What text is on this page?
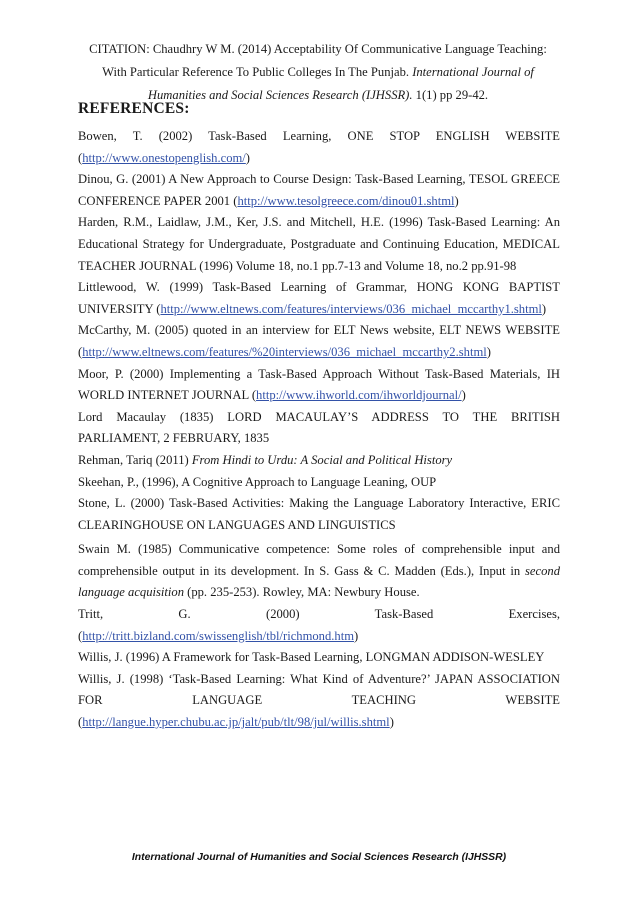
CITATION: Chaudhry W M. (2014) Acceptability Of Communicative Language Teaching:
With Particular Reference To Public Colleges In The Punjab. International Journal of
Humanities and Social Sciences Research (IJHSSR). 1(1) pp 29-42.
REFERENCES:

Bowen, T. (2002) Task-Based Learning, ONE STOP ENGLISH WEBSITE

(http://www.onestopenglish.com/)

Dinou, G. (2001) A New Approach to Course Design: Task-Based Learning, TESOL GREECE CONFERENCE PAPER 2001 (http://www.tesolgreece.com/dinou01.shtml)

Harden, R.M., Laidlaw, J.M., Ker, J.S. and Mitchell, H.E. (1996) Task-Based Learning: An Educational Strategy for Undergraduate, Postgraduate and Continuing Education, MEDICAL TEACHER JOURNAL (1996) Volume 18, no.1 pp.7-13 and Volume 18, no.2 pp.91-98

Littlewood, W. (1999) Task-Based Learning of Grammar, HONG KONG BAPTIST UNIVERSITY (http://www.eltnews.com/features/interviews/036_michael_mccarthy1.shtml)

McCarthy, M. (2005) quoted in an interview for ELT News website, ELT NEWS WEBSITE (http://www.eltnews.com/features/%20interviews/036_michael_mccarthy2.shtml)

Moor, P. (2000) Implementing a Task-Based Approach Without Task-Based Materials, IH WORLD INTERNET JOURNAL (http://www.ihworld.com/ihworldjournal/)

Lord Macaulay (1835) LORD MACAULAY’S ADDRESS TO THE BRITISH

PARLIAMENT, 2 FEBRUARY, 1835

Rehman, Tariq (2011) From Hindi to Urdu: A Social and Political History

Skeehan, P., (1996), A Cognitive Approach to Language Leaning, OUP

Stone, L. (2000) Task-Based Activities: Making the Language Laboratory Interactive, ERIC CLEARINGHOUSE ON LANGUAGES AND LINGUISTICS

Swain M. (1985) Communicative competence: Some roles of comprehensible input and comprehensible output in its development. In S. Gass & C. Madden (Eds.), Input in second language acquisition (pp. 235-253). Rowley, MA: Newbury House.

Tritt, G. (2000) Task-Based Exercises,

(http://tritt.bizland.com/swissenglish/tbl/richmond.htm)

Willis, J. (1996) A Framework for Task-Based Learning, LONGMAN ADDISON-WESLEY

Willis, J. (1998) ‘Task-Based Learning: What Kind of Adventure?’ JAPAN ASSOCIATION

FOR LANGUAGE TEACHING WEBSITE

(http://langue.hyper.chubu.ac.jp/jalt/pub/tlt/98/jul/willis.shtml)

International Journal of Humanities and Social Sciences Research (IJHSSR)
